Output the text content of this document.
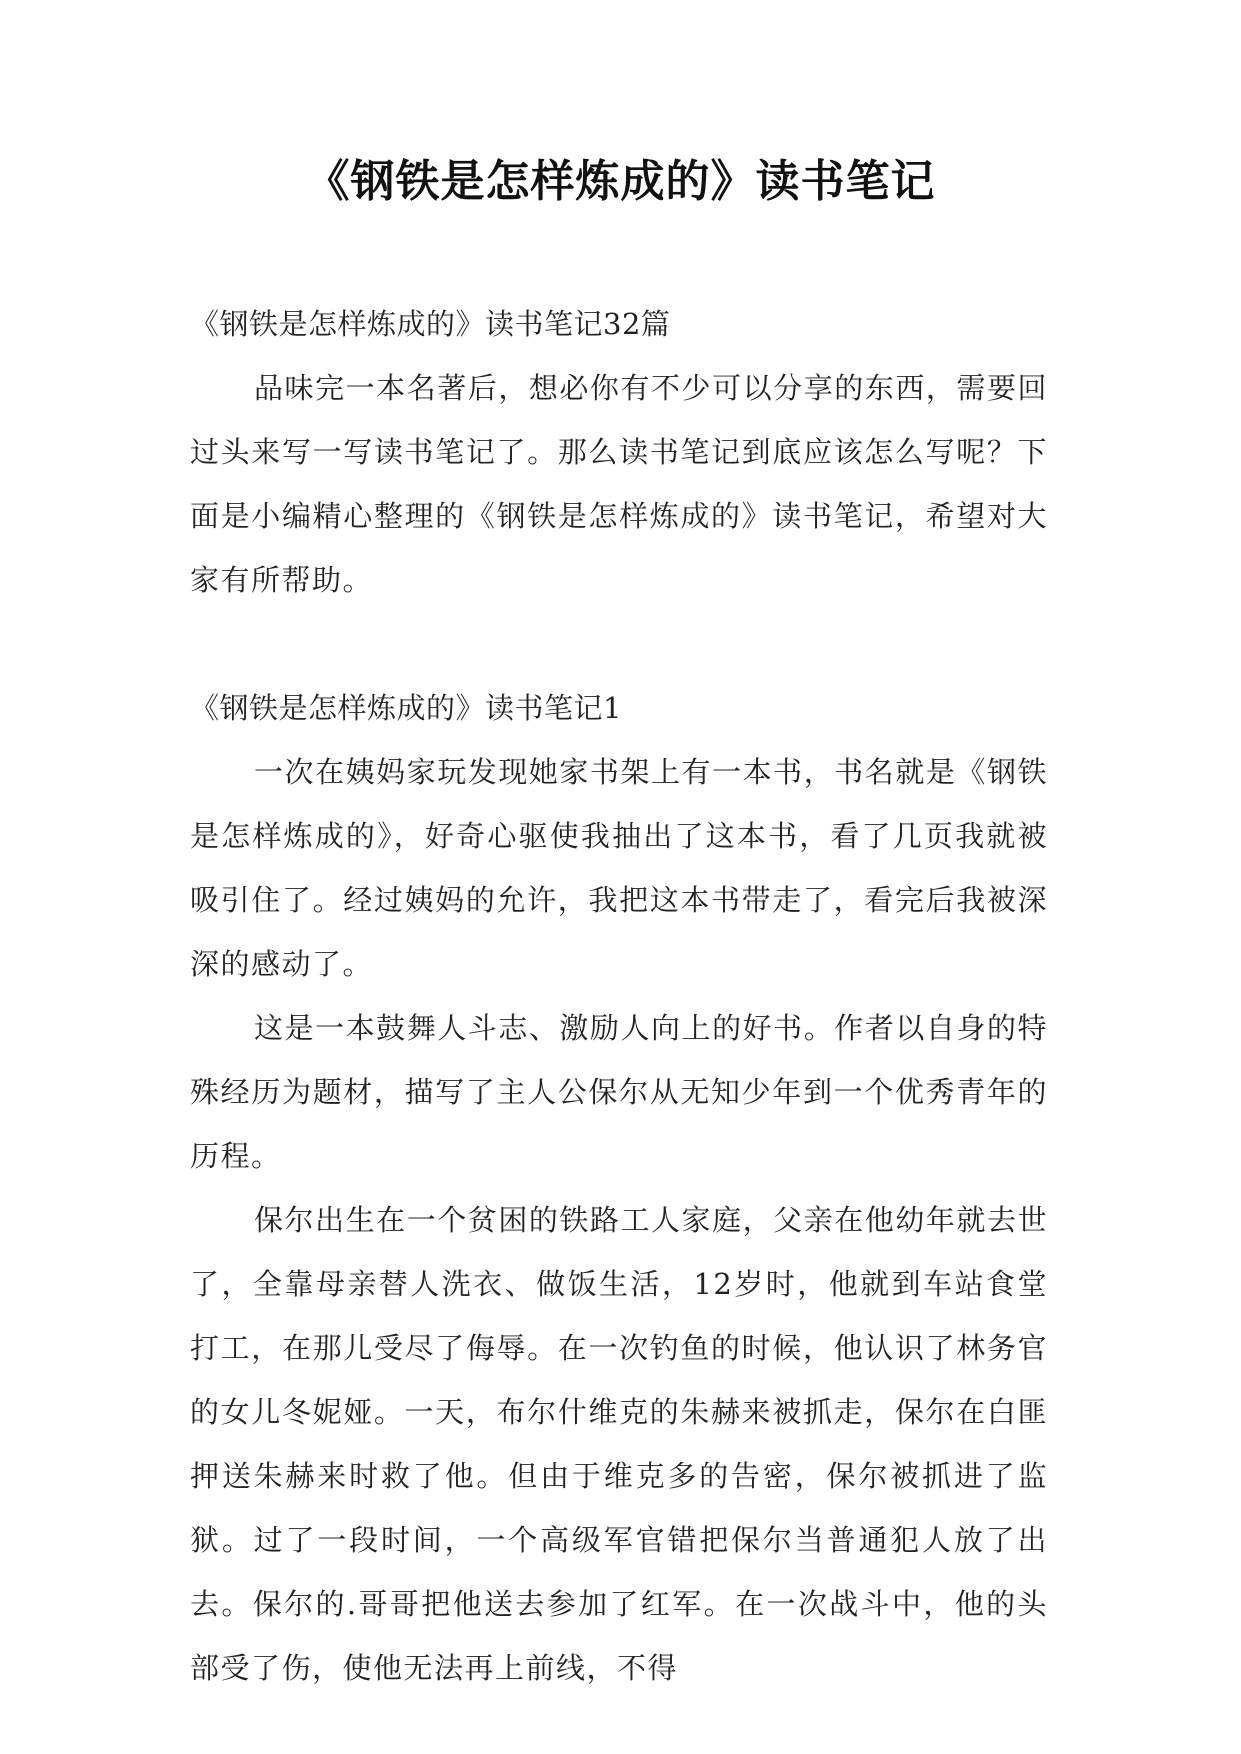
《钢铁是怎样炼成的》读书笔记

《钢铁是怎样炼成的》读书笔记32篇

品味完一本名著后，想必你有不少可以分享的东西，需要回过头来写一写读书笔记了。那么读书笔记到底应该怎么写呢？下面是小编精心整理的《钢铁是怎样炼成的》读书笔记，希望对大家有所帮助。

《钢铁是怎样炼成的》读书笔记1

一次在姨妈家玩发现她家书架上有一本书，书名就是《钢铁是怎样炼成的》，好奇心驱使我抽出了这本书，看了几页我就被吸引住了。经过姨妈的允许，我把这本书带走了，看完后我被深深的感动了。

这是一本鼓舞人斗志、激励人向上的好书。作者以自身的特殊经历为题材，描写了主人公保尔从无知少年到一个优秀青年的历程。

保尔出生在一个贫困的铁路工人家庭，父亲在他幼年就去世了，全靠母亲替人洗衣、做饭生活，12岁时，他就到车站食堂打工，在那儿受尽了侮辱。在一次钓鱼的时候，他认识了林务官的女儿冬妮娅。一天，布尔什维克的朱赫来被抓走，保尔在白匪押送朱赫来时救了他。但由于维克多的告密，保尔被抓进了监狱。过了一段时间，一个高级军官错把保尔当普通犯人放了出去。保尔的.哥哥把他送去参加了红军。在一次战斗中，他的头部受了伤，使他无法再上前线，不得
